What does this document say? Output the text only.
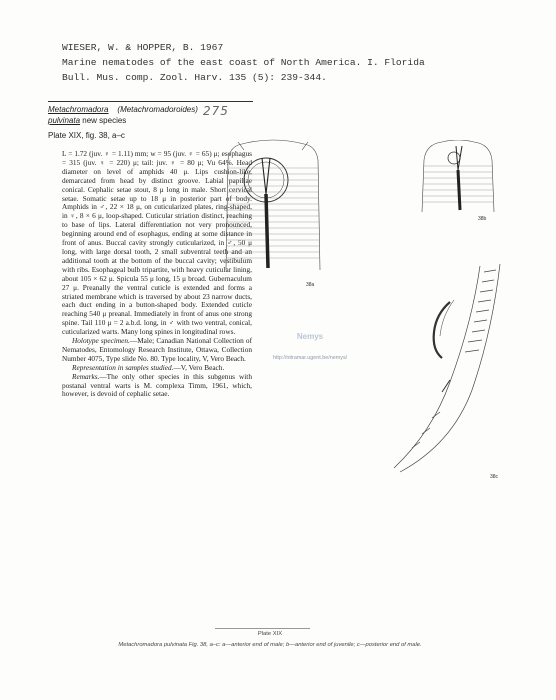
WIESER, W. & HOPPER, B. 1967
Marine nematodes of the east coast of North America. I. Florida
Bull. Mus. comp. Zool. Harv. 135 (5): 239-344.
Metachromadora (Metachromadoroides)
pulvinata new species
Plate XIX, fig. 38, a–c
275

L = 1.72 (juv. ♀ = 1.11) mm; w = 95 (juv. ♀ = 65) μ; esophagus = 315 (juv. ♀ = 220) μ; tail: juv. ♀ = 80 μ; Vu 64%. Head diameter on level of amphids 40 μ. Lips cushion-like, demarcated from head by distinct groove. Labial papillae conical. Cephalic setae stout, 8 μ long in male. Short cervical setae. Somatic setae up to 18 μ in posterior part of body. Amphids in ♂, 22 × 18 μ, on cuticularized plates, ring-shaped, in ♀, 8 × 6 μ, loop-shaped. Cuticular striation distinct, reaching to base of lips. Lateral differentiation not very pronounced, beginning around end of esophagus, ending at some distance in front of anus. Buccal cavity strongly cuticularized, in ♂, 50 μ long, with large dorsal tooth, 2 small subventral teeth and an additional tooth at the bottom of the buccal cavity; vestibulum with ribs. Esophageal bulb tripartite, with heavy cuticular lining, about 105 × 62 μ. Spicula 55 μ long, 15 μ broad. Gubernaculum 27 μ. Preanally the ventral cuticle is extended and forms a striated membrane which is traversed by about 23 narrow ducts, each duct ending in a button-shaped body. Extended cuticle reaching 540 μ preanal. Immediately in front of anus one strong spine. Tail 110 μ = 2 a.b.d. long, in ♂ with two ventral, conical, cuticularized warts. Many long spines in longitudinal rows.

Holotype specimen.—Male; Canadian National Collection of Nematodes, Entomology Research Institute, Ottawa, Collection Number 4075, Type slide No. 80. Type locality, V, Vero Beach.

Representation in samples studied.—V, Vero Beach.

Remarks.—The only other species in this subgenus with postanal ventral warts is M. complexa Timm, 1961, which, however, is devoid of cephalic setae.

38a
38b
38c
Nemys
http://nitramar.ugent.be/nemys/
Plate XIX
Metachromadora pulvinata Fig. 38, a–c: a—anterior end of male; b—anterior end of juvenile; c—posterior end of male.
